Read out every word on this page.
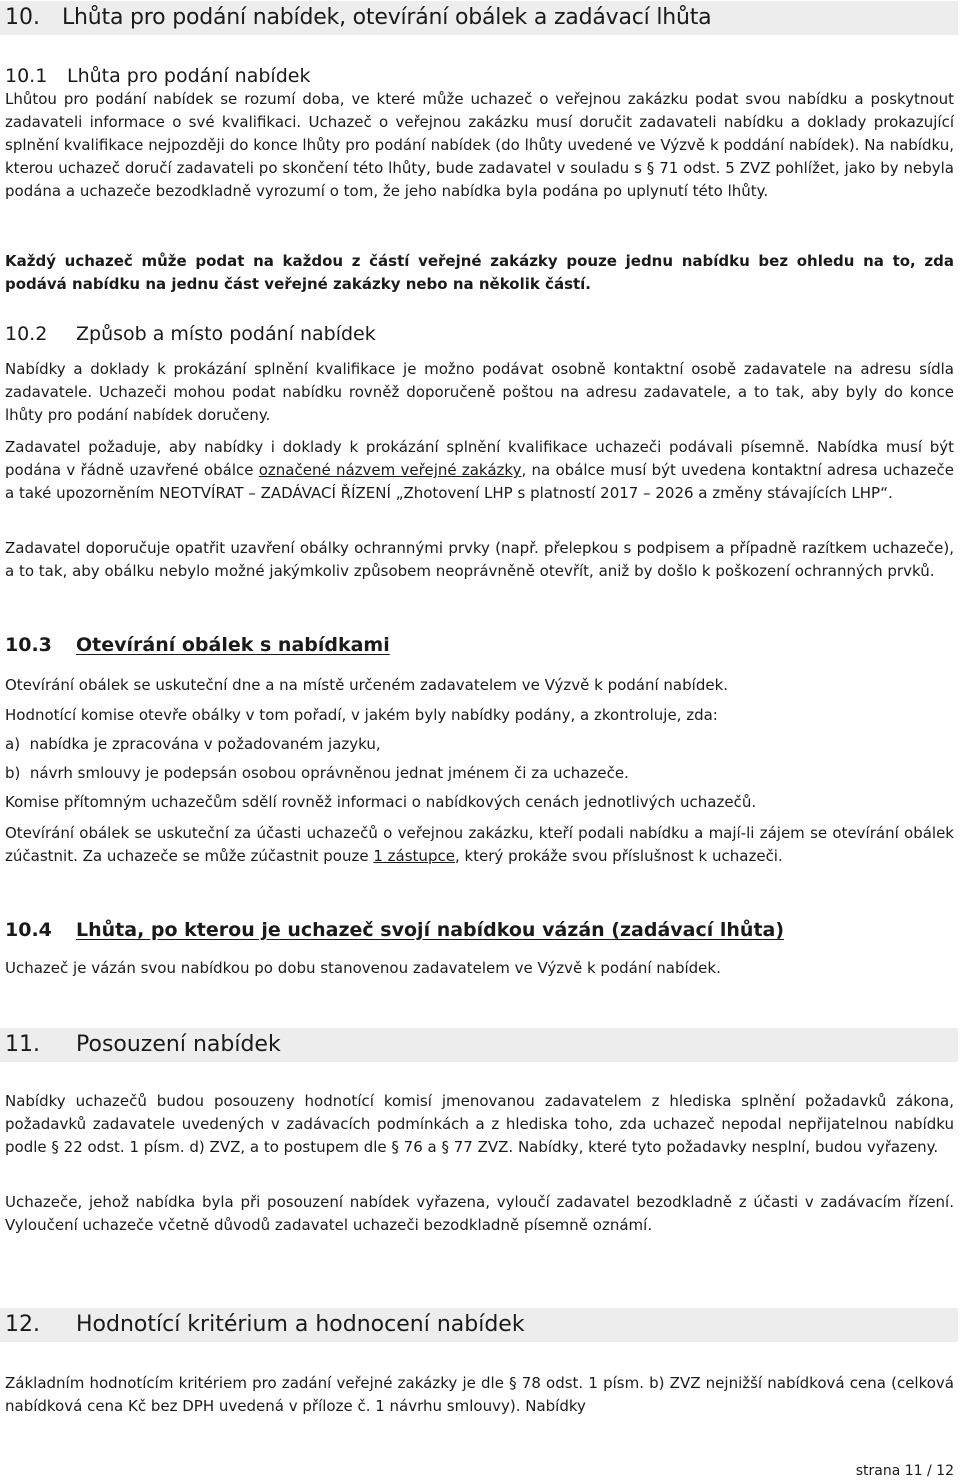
10. Lhůta pro podání nabídek, otevírání obálek a zadávací lhůta
10.1 Lhůta pro podání nabídek

Lhůtou pro podání nabídek se rozumí doba, ve které může uchazeč o veřejnou zakázku podat svou nabídku a poskytnout zadavateli informace o své kvalifikaci. Uchazeč o veřejnou zakázku musí doručit zadavateli nabídku a doklady prokazující splnění kvalifikace nejpozději do konce lhůty pro podání nabídek (do lhůty uvedené ve Výzvě k poddání nabídek). Na nabídku, kterou uchazeč doručí zadavateli po skončení této lhůty, bude zadavatel v souladu s § 71 odst. 5 ZVZ pohlížet, jako by nebyla podána a uchazeče bezodkladně vyrozumí o tom, že jeho nabídka byla podána po uplynutí této lhůty.

Každý uchazeč může podat na každou z částí veřejné zakázky pouze jednu nabídku bez ohledu na to, zda podává nabídku na jednu část veřejné zakázky nebo na několik částí.

10.2 Způsob a místo podání nabídek

Nabídky a doklady k prokázání splnění kvalifikace je možno podávat osobně kontaktní osobě zadavatele na adresu sídla zadavatele. Uchazeči mohou podat nabídku rovněž doporučeně poštou na adresu zadavatele, a to tak, aby byly do konce lhůty pro podání nabídek doručeny.

Zadavatel požaduje, aby nabídky i doklady k prokázání splnění kvalifikace uchazeči podávali písemně. Nabídka musí být podána v řádně uzavřené obálce označené názvem veřejné zakázky, na obálce musí být uvedena kontaktní adresa uchazeče a také upozorněním NEOTVÍRAT – ZADÁVACÍ ŘÍZENÍ „Zhotovení LHP s platností 2017 – 2026 a změny stávajících LHP“.

Zadavatel doporučuje opatřit uzavření obálky ochrannými prvky (např. přelepkou s podpisem a případně razítkem uchazeče), a to tak, aby obálku nebylo možné jakýmkoliv způsobem neoprávněně otevřít, aniž by došlo k poškození ochranných prvků.

10.3 Otevírání obálek s nabídkami

Otevírání obálek se uskuteční dne a na místě určeném zadavatelem ve Výzvě k podání nabídek.

Hodnotící komise otevře obálky v tom pořadí, v jakém byly nabídky podány, a zkontroluje, zda:

a)  nabídka je zpracována v požadovaném jazyku,

b)  návrh smlouvy je podepsán osobou oprávněnou jednat jménem či za uchazeče.

Komise přítomným uchazečům sdělí rovněž informaci o nabídkových cenách jednotlivých uchazečů.

Otevírání obálek se uskuteční za účasti uchazečů o veřejnou zakázku, kteří podali nabídku a mají-li zájem se otevírání obálek zúčastnit. Za uchazeče se může zúčastnit pouze 1 zástupce, který prokáže svou příslušnost k uchazeči.

10.4 Lhůta, po kterou je uchazeč svojí nabídkou vázán (zadávací lhůta)

Uchazeč je vázán svou nabídkou po dobu stanovenou zadavatelem ve Výzvě k podání nabídek.

11. Posouzení nabídek

Nabídky uchazečů budou posouzeny hodnotící komisí jmenovanou zadavatelem z hlediska splnění požadavků zákona, požadavků zadavatele uvedených v zadávacích podmínkách a z hlediska toho, zda uchazeč nepodal nepřijatelnou nabídku podle § 22 odst. 1 písm. d) ZVZ, a to postupem dle § 76 a § 77 ZVZ. Nabídky, které tyto požadavky nesplní, budou vyřazeny.

Uchazeče, jehož nabídka byla při posouzení nabídek vyřazena, vyloučí zadavatel bezodkladně z účasti v zadávacím řízení. Vyloučení uchazeče včetně důvodů zadavatel uchazeči bezodkladně písemně oznámí.

12. Hodnotící kritérium a hodnocení nabídek

Základním hodnotícím kritériem pro zadání veřejné zakázky je dle § 78 odst. 1 písm. b) ZVZ nejnižší nabídková cena (celková nabídková cena Kč bez DPH uvedená v příloze č. 1 návrhu smlouvy). Nabídky

strana 11 / 12
